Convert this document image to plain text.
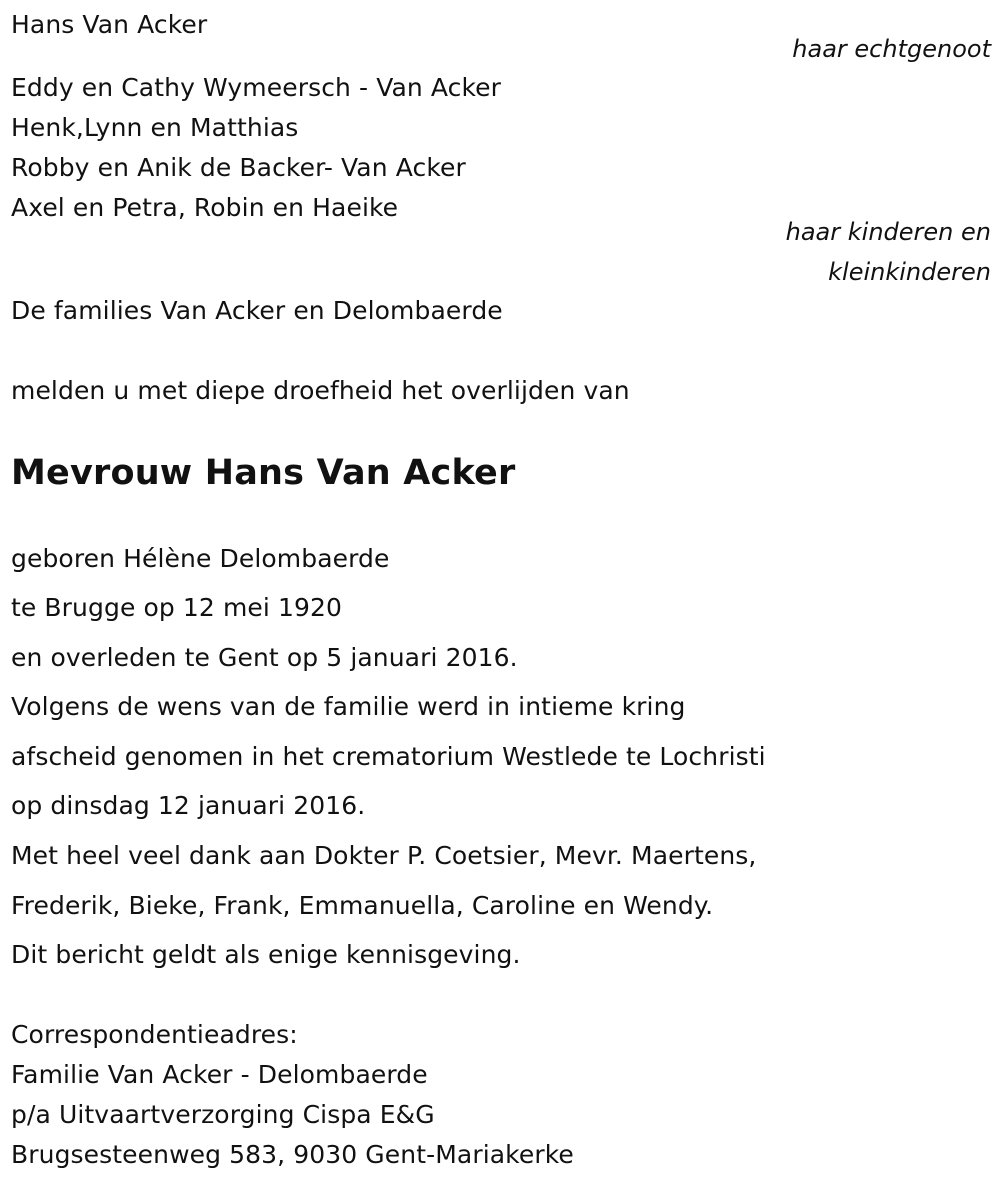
Hans Van Acker
haar echtgenoot
Eddy en Cathy Wymeersch - Van Acker
Henk,Lynn en Matthias
Robby en Anik de Backer- Van Acker
Axel en Petra, Robin en Haeike
haar kinderen en
kleinkinderen
De families Van Acker en Delombaerde
melden u met diepe droefheid het overlijden van
Mevrouw Hans Van Acker
geboren Hélène Delombaerde
te Brugge op 12 mei 1920
en overleden te Gent op 5 januari 2016.
Volgens de wens van de familie werd in intieme kring
afscheid genomen in het crematorium Westlede te Lochristi
op dinsdag 12 januari 2016.
Met heel veel dank aan Dokter P. Coetsier, Mevr. Maertens,
Frederik, Bieke, Frank, Emmanuella, Caroline en Wendy.
Dit bericht geldt als enige kennisgeving.
Correspondentieadres:
Familie Van Acker - Delombaerde
p/a Uitvaartverzorging Cispa E&G
Brugsesteenweg 583, 9030 Gent-Mariakerke
